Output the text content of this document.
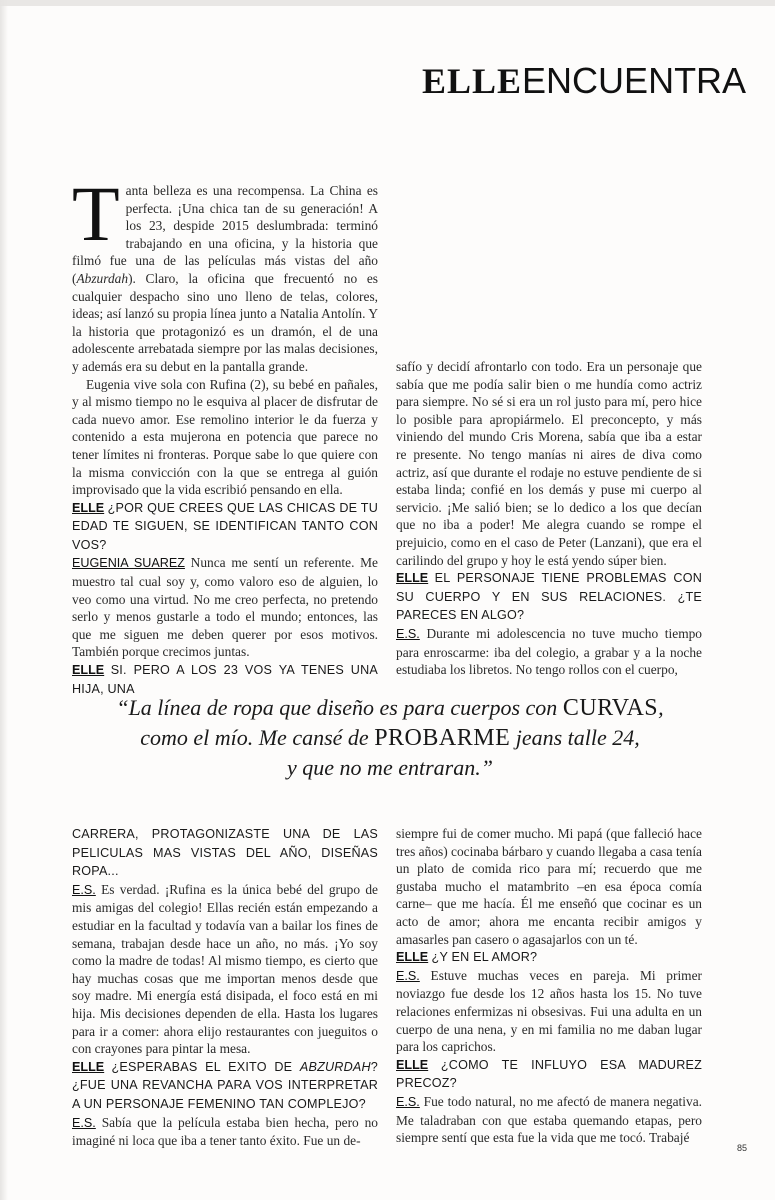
ELLEENCUENTRA

Tanta belleza es una recompensa. La China es perfecta. ¡Una chica tan de su generación! A los 23, despide 2015 deslumbrada: terminó trabajando en una oficina, y la historia que filmó fue una de las películas más vistas del año (Abzurdah). Claro, la oficina que frecuentó no es cualquier despacho sino uno lleno de telas, colores, ideas; así lanzó su propia línea junto a Natalia Antolín. Y la historia que protagonizó es un dramón, el de una adolescente arrebatada siempre por las malas decisiones, y además era su debut en la pantalla grande.

Eugenia vive sola con Rufina (2), su bebé en pañales, y al mismo tiempo no le esquiva al placer de disfrutar de cada nuevo amor. Ese remolino interior le da fuerza y contenido a esta mujerona en potencia que parece no tener límites ni fronteras. Porque sabe lo que quiere con la misma convicción con la que se entrega al guión improvisado que la vida escribió pensando en ella.

ELLE ¿POR QUE CREES QUE LAS CHICAS DE TU EDAD TE SIGUEN, SE IDENTIFICAN TANTO CON VOS?

EUGENIA SUAREZ Nunca me sentí un referente. Me muestro tal cual soy y, como valoro eso de alguien, lo veo como una virtud. No me creo perfecta, no pretendo serlo y menos gustarle a todo el mundo; entonces, las que me siguen me deben querer por esos motivos. También porque crecimos juntas.

ELLE SI. PERO A LOS 23 VOS YA TENES UNA HIJA, UNA

safío y decidí afrontarlo con todo. Era un personaje que sabía que me podía salir bien o me hundía como actriz para siempre. No sé si era un rol justo para mí, pero hice lo posible para apropiármelo. El preconcepto, y más viniendo del mundo Cris Morena, sabía que iba a estar re presente. No tengo manías ni aires de diva como actriz, así que durante el rodaje no estuve pendiente de si estaba linda; confié en los demás y puse mi cuerpo al servicio. ¡Me salió bien; se lo dedico a los que decían que no iba a poder! Me alegra cuando se rompe el prejuicio, como en el caso de Peter (Lanzani), que era el carilindo del grupo y hoy le está yendo súper bien.

ELLE EL PERSONAJE TIENE PROBLEMAS CON SU CUERPO Y EN SUS RELACIONES. ¿TE PARECES EN ALGO?

E.S. Durante mi adolescencia no tuve mucho tiempo para enroscarme: iba del colegio, a grabar y a la noche estudiaba los libretos. No tengo rollos con el cuerpo,

“La línea de ropa que diseño es para cuerpos con CURVAS,
como el mío. Me cansé de PROBARME jeans talle 24,
y que no me entraran.”

CARRERA, PROTAGONIZASTE UNA DE LAS PELICULAS MAS VISTAS DEL AÑO, DISEÑAS ROPA...

E.S. Es verdad. ¡Rufina es la única bebé del grupo de mis amigas del colegio! Ellas recién están empezando a estudiar en la facultad y todavía van a bailar los fines de semana, trabajan desde hace un año, no más. ¡Yo soy como la madre de todas! Al mismo tiempo, es cierto que hay muchas cosas que me importan menos desde que soy madre. Mi energía está disipada, el foco está en mi hija. Mis decisiones dependen de ella. Hasta los lugares para ir a comer: ahora elijo restaurantes con jueguitos o con crayones para pintar la mesa.

ELLE ¿ESPERABAS EL EXITO DE ABZURDAH? ¿FUE UNA REVANCHA PARA VOS INTERPRETAR A UN PERSONAJE FEMENINO TAN COMPLEJO?

E.S. Sabía que la película estaba bien hecha, pero no imaginé ni loca que iba a tener tanto éxito. Fue un de-

siempre fui de comer mucho. Mi papá (que falleció hace tres años) cocinaba bárbaro y cuando llegaba a casa tenía un plato de comida rico para mí; recuerdo que me gustaba mucho el matambrito –en esa época comía carne– que me hacía. Él me enseñó que cocinar es un acto de amor; ahora me encanta recibir amigos y amasarles pan casero o agasajarlos con un té.

ELLE ¿Y EN EL AMOR?

E.S. Estuve muchas veces en pareja. Mi primer noviazgo fue desde los 12 años hasta los 15. No tuve relaciones enfermizas ni obsesivas. Fui una adulta en un cuerpo de una nena, y en mi familia no me daban lugar para los caprichos.

ELLE ¿COMO TE INFLUYO ESA MADUREZ PRECOZ?

E.S. Fue todo natural, no me afectó de manera negativa. Me taladraban con que estaba quemando etapas, pero siempre sentí que esta fue la vida que me tocó. Trabajé

85
